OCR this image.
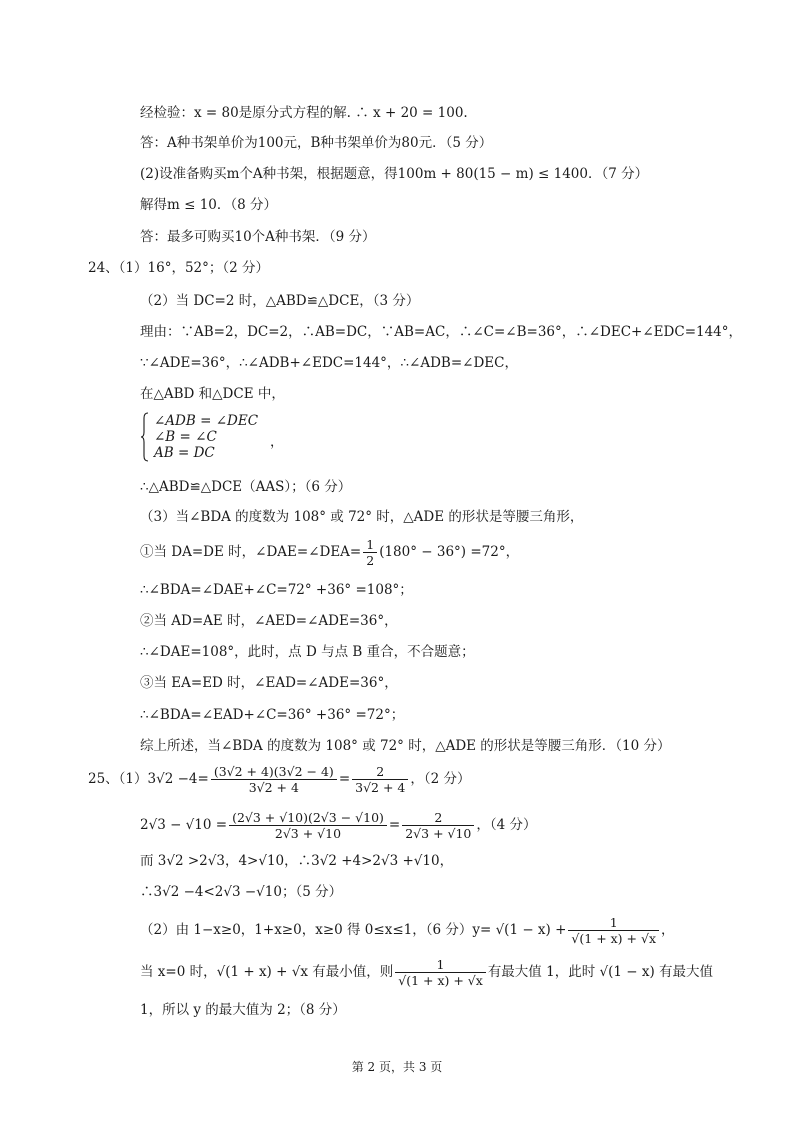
经检验：x = 80是原分式方程的解. ∴ x + 20 = 100.
答：A种书架单价为100元，B种书架单价为80元．（5 分）
(2)设准备购买m个A种书架，根据题意，得100m + 80(15 − m) ≤ 1400．（7 分）
解得m ≤ 10．（8 分）
答：最多可购买10个A种书架．（9 分）
24、（1）16°，52°；（2 分）
（2）当 DC=2 时，△ABD≌△DCE，（3 分）
理由：∵AB=2，DC=2，∴AB=DC，∵AB=AC，∴∠C=∠B=36°，∴∠DEC+∠EDC=144°，
∵∠ADE=36°，∴∠ADB+∠EDC=144°，∴∠ADB=∠DEC，
在△ABD 和△DCE 中，
∠ADB = ∠DEC
∠B = ∠C
AB = DC
，
∴△ABD≌△DCE（AAS）；（6 分）
（3）当∠BDA 的度数为 108° 或 72° 时，△ADE 的形状是等腰三角形，
①当 DA=DE 时，∠DAE=∠DEA= $\frac{1}{2} (180^\circ - 36^\circ) =72^\circ$，
∴∠BDA=∠DAE+∠C=72° +36° =108°；
②当 AD=AE 时，∠AED=∠ADE=36°，
∴∠DAE=108°，此时，点 D 与点 B 重合，不合题意；
③当 EA=ED 时，∠EAD=∠ADE=36°，
∴∠BDA=∠EAD+∠C=36° +36° =72°；
综上所述，当∠BDA 的度数为 108° 或 72° 时，△ADE 的形状是等腰三角形．（10 分）
25、$(1)3√2 -4= \frac{(3√2 + 4)(3√2 - 4)}{3√2 + 4} = \frac{2}{3√2 + 4}$ ，（2 分）
$2√3 - √10 = \frac{(2√3 + √10)(2√3 - √10)}{2√3 + √10} = \frac{2}{2√3 + √10}$ ，（4 分）
而 3√2 >2√3，4>√10，∴3√2 +4>2√3 +√10，
∴3√2 −4<2√3 −√10；（5 分）
（2）由 1−x≥0，1+x≥0，x≥0 得 0≤x≤1，（6 分）$y= √(1 - x) + \frac{1}{√(1 + x) + √x}$ ，
当 x=0 时，√(1 + x) + √x 有最小值，则 $\frac{1}{√(1 + x) + √x}$ 有最大值 1，此时 √(1 − x) 有最大值
1，所以 y 的最大值为 2；（8 分）
第 2 页，共 3 页
